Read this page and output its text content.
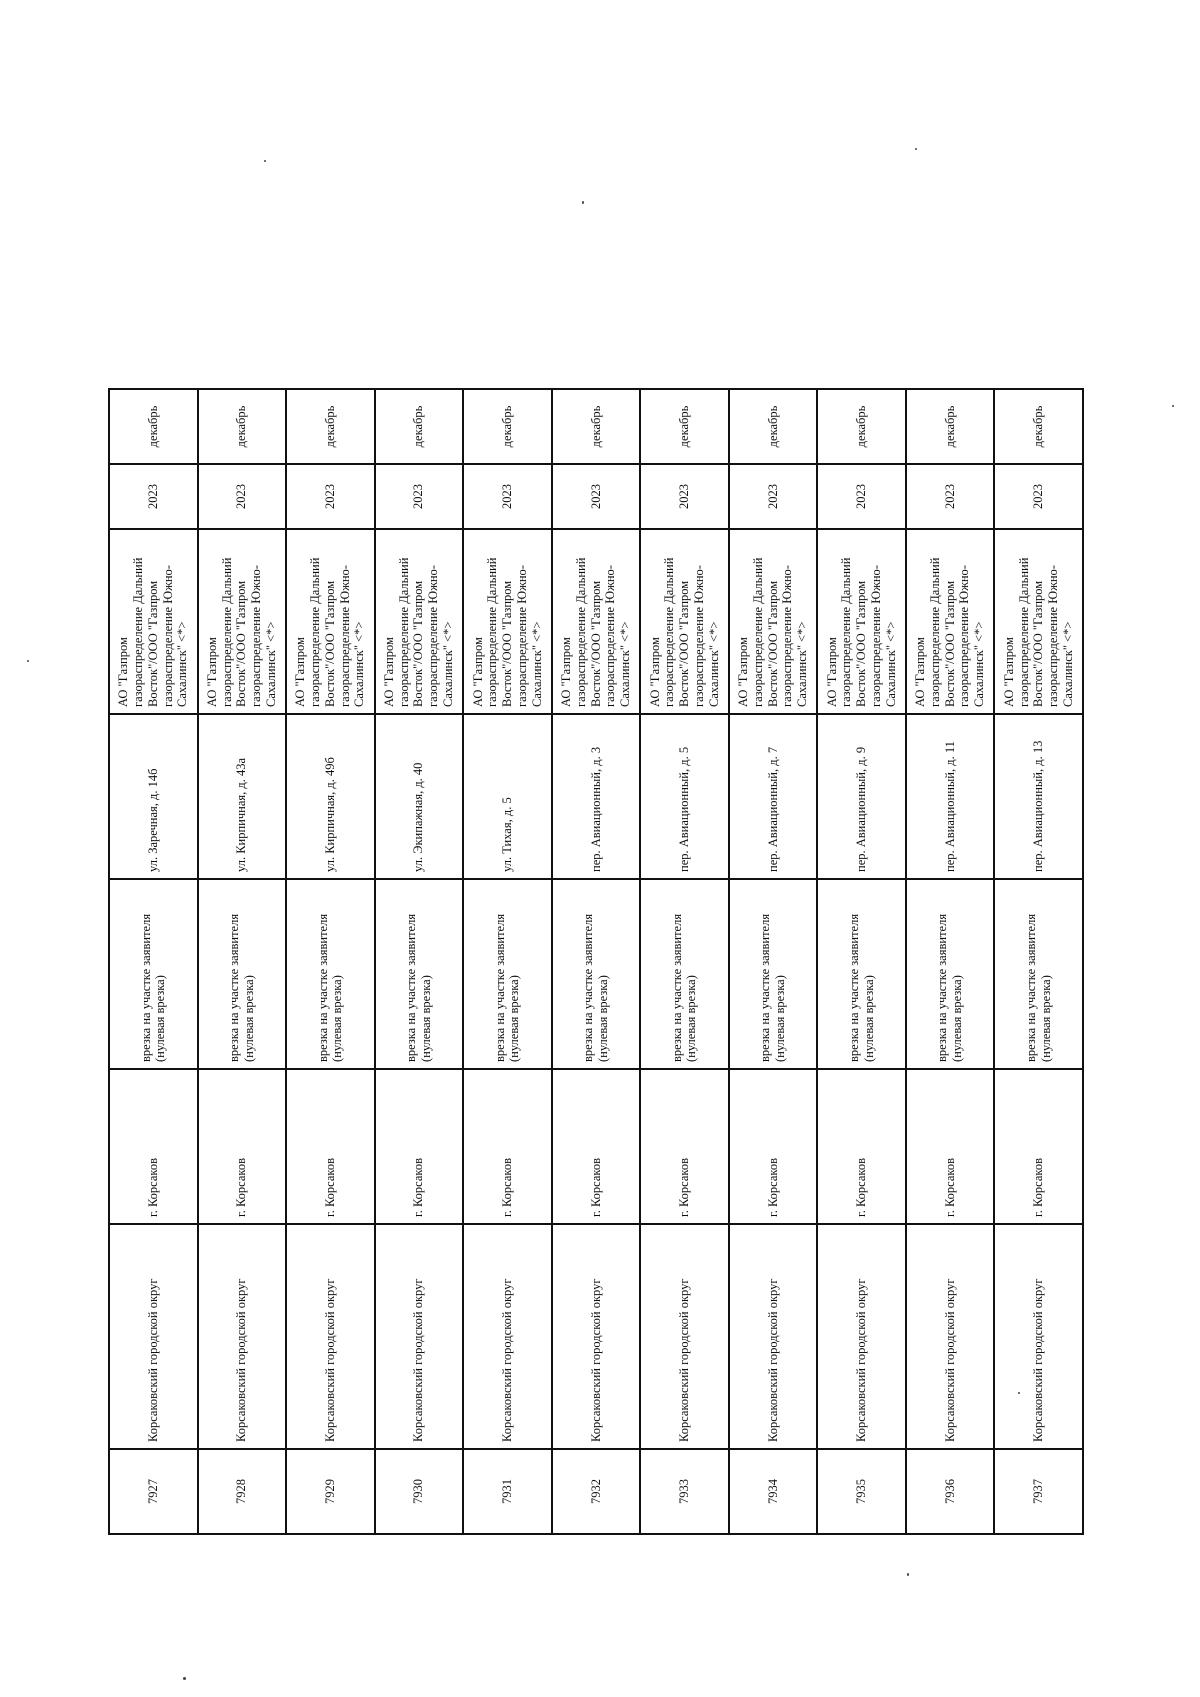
7927	Корсаковский городской округ	г. Корсаков	врезка на участке заявителя (нулевая врезка)	ул. Заречная, д. 14б	АО "Газпром газораспределение Дальний Восток"/ООО "Газпром газораспределение Южно-Сахалинск" <*>	2023	декабрь
7928	Корсаковский городской округ	г. Корсаков	врезка на участке заявителя (нулевая врезка)	ул. Кирпичная, д. 43а	АО "Газпром газораспределение Дальний Восток"/ООО "Газпром газораспределение Южно-Сахалинск" <*>	2023	декабрь
7929	Корсаковский городской округ	г. Корсаков	врезка на участке заявителя (нулевая врезка)	ул. Кирпичная, д. 49б	АО "Газпром газораспределение Дальний Восток"/ООО "Газпром газораспределение Южно-Сахалинск" <*>	2023	декабрь
7930	Корсаковский городской округ	г. Корсаков	врезка на участке заявителя (нулевая врезка)	ул. Экипажная, д. 40	АО "Газпром газораспределение Дальний Восток"/ООО "Газпром газораспределение Южно-Сахалинск" <*>	2023	декабрь
7931	Корсаковский городской округ	г. Корсаков	врезка на участке заявителя (нулевая врезка)	ул. Тихая, д. 5	АО "Газпром газораспределение Дальний Восток"/ООО "Газпром газораспределение Южно-Сахалинск" <*>	2023	декабрь
7932	Корсаковский городской округ	г. Корсаков	врезка на участке заявителя (нулевая врезка)	пер. Авиационный, д. 3	АО "Газпром газораспределение Дальний Восток"/ООО "Газпром газораспределение Южно-Сахалинск" <*>	2023	декабрь
7933	Корсаковский городской округ	г. Корсаков	врезка на участке заявителя (нулевая врезка)	пер. Авиационный, д. 5	АО "Газпром газораспределение Дальний Восток"/ООО "Газпром газораспределение Южно-Сахалинск" <*>	2023	декабрь
7934	Корсаковский городской округ	г. Корсаков	врезка на участке заявителя (нулевая врезка)	пер. Авиационный, д. 7	АО "Газпром газораспределение Дальний Восток"/ООО "Газпром газораспределение Южно-Сахалинск" <*>	2023	декабрь
7935	Корсаковский городской округ	г. Корсаков	врезка на участке заявителя (нулевая врезка)	пер. Авиационный, д. 9	АО "Газпром газораспределение Дальний Восток"/ООО "Газпром газораспределение Южно-Сахалинск" <*>	2023	декабрь
7936	Корсаковский городской округ	г. Корсаков	врезка на участке заявителя (нулевая врезка)	пер. Авиационный, д. 11	АО "Газпром газораспределение Дальний Восток"/ООО "Газпром газораспределение Южно-Сахалинск" <*>	2023	декабрь
7937	Корсаковский городской округ	г. Корсаков	врезка на участке заявителя (нулевая врезка)	пер. Авиационный, д. 13	АО "Газпром газораспределение Дальний Восток"/ООО "Газпром газораспределение Южно-Сахалинск" <*>	2023	декабрь
